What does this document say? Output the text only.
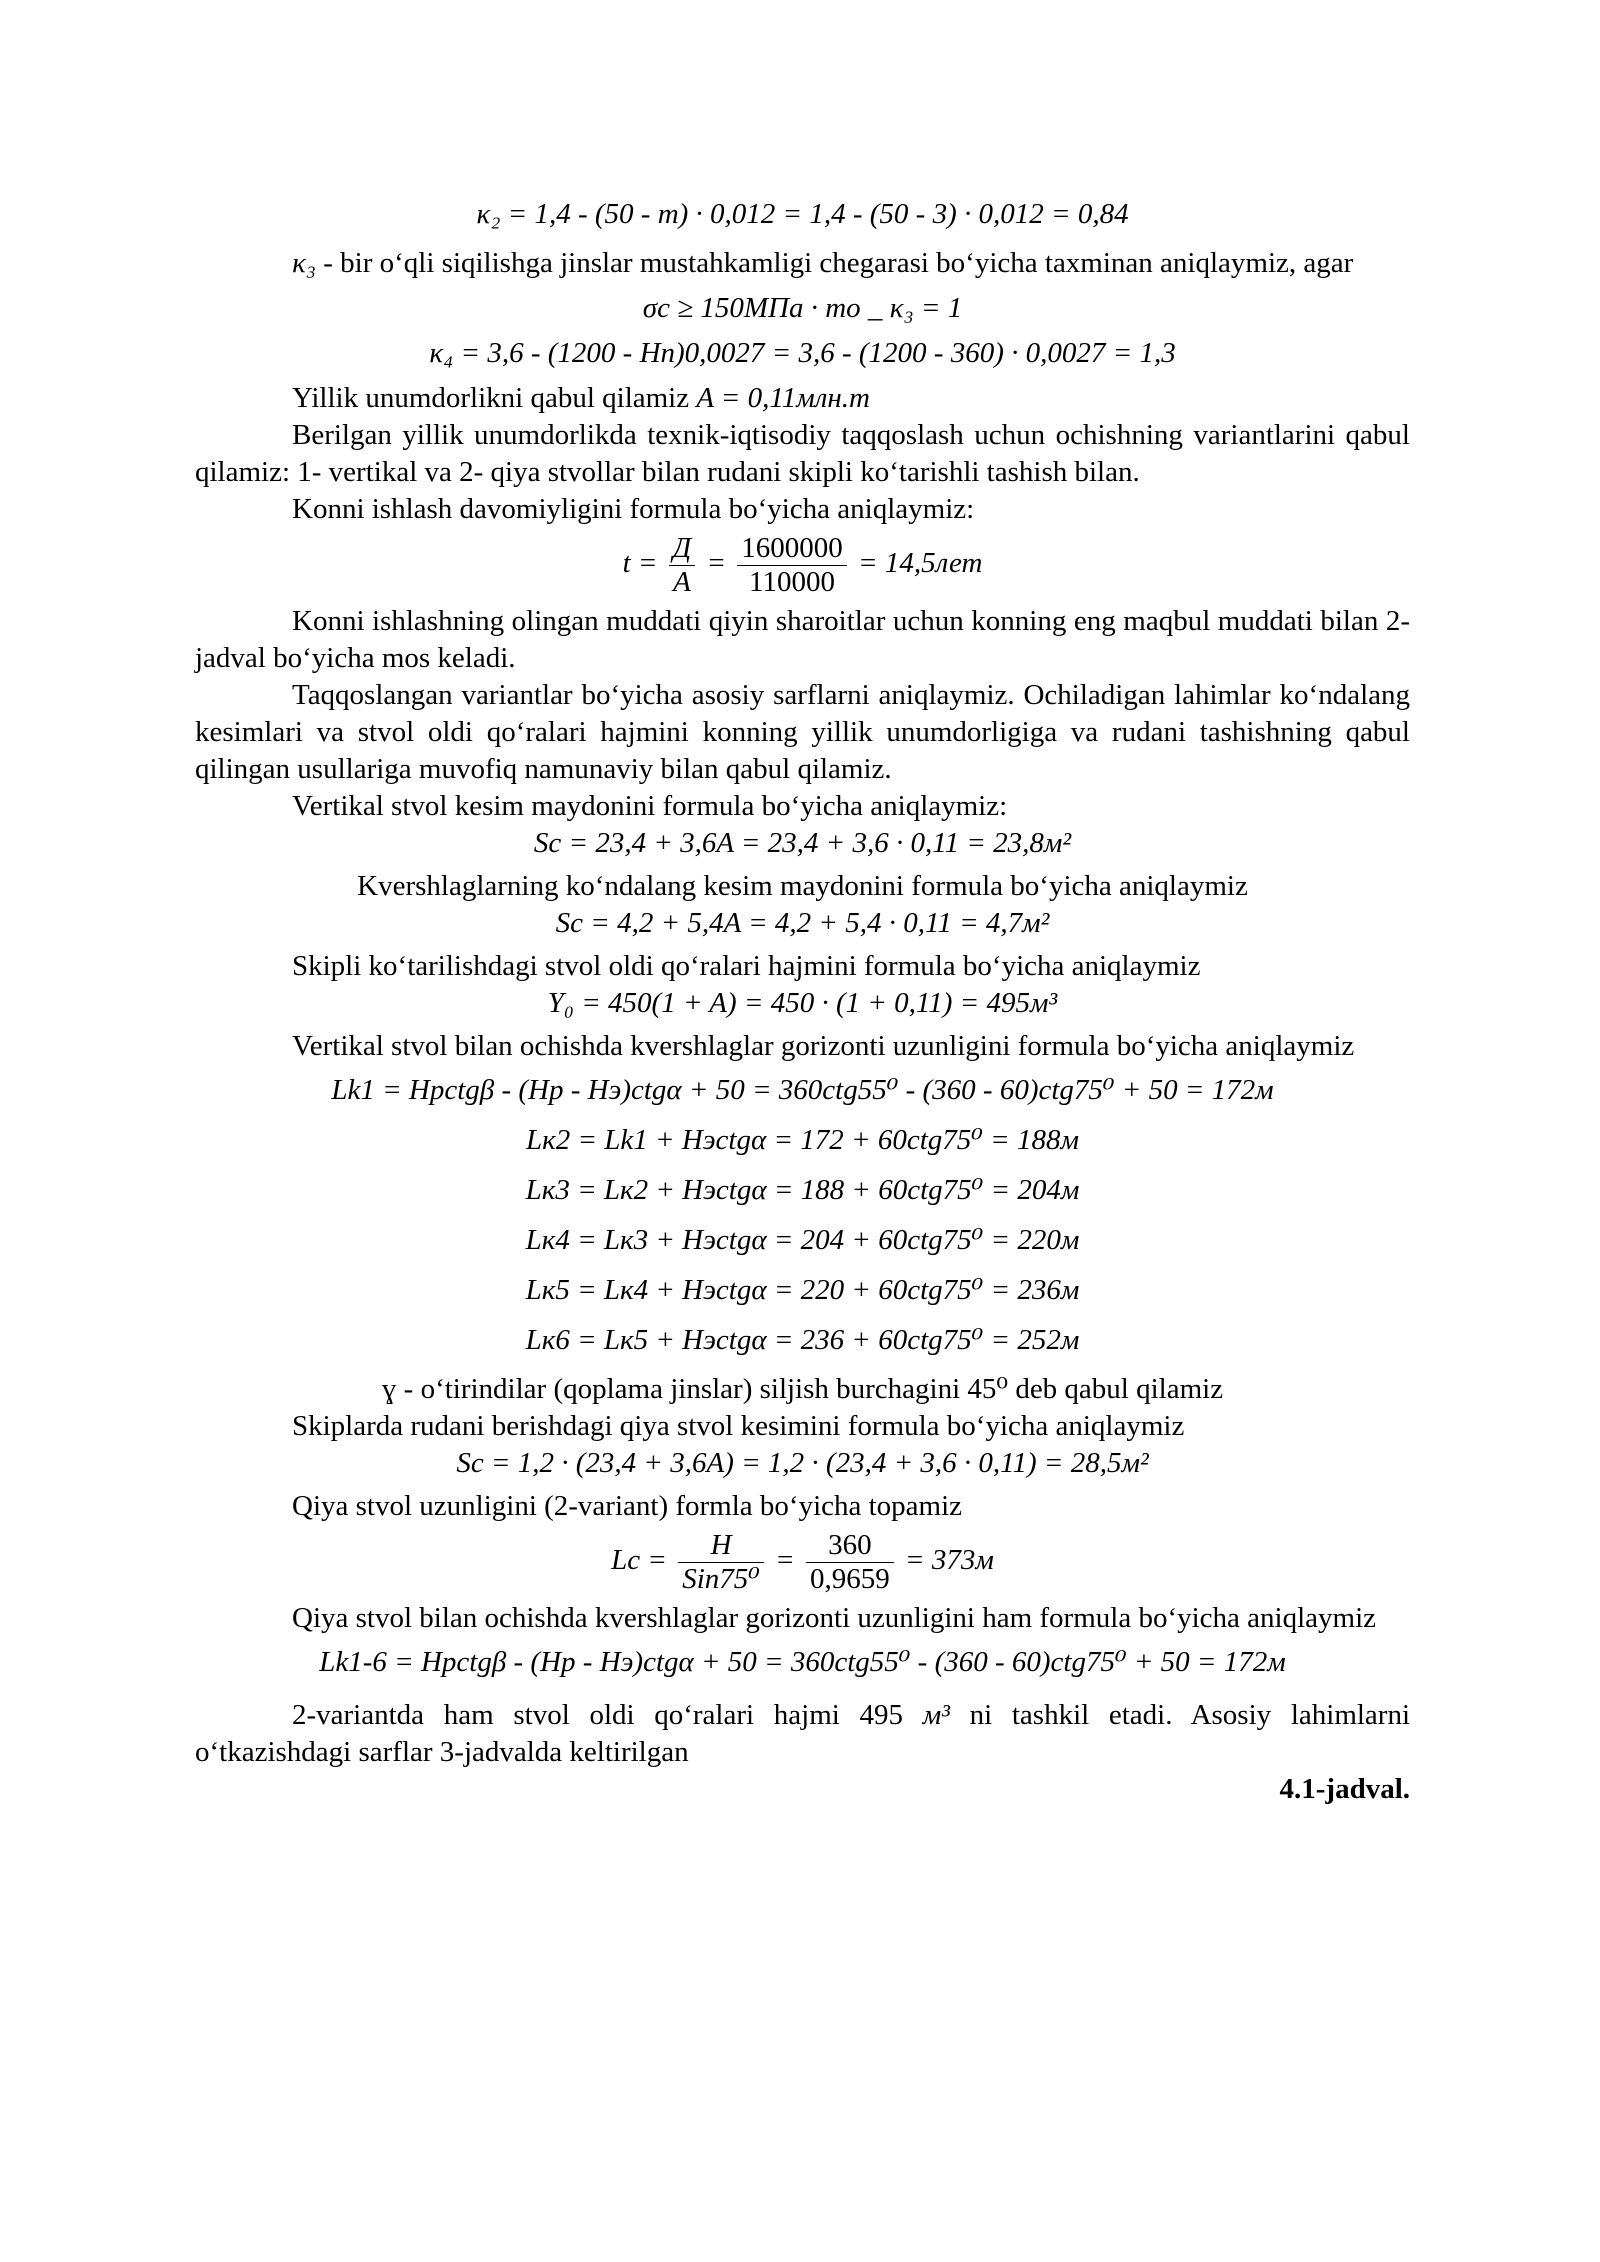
κ₂ = 1,4 - (50 - m) · 0,012 = 1,4 - (50 - 3) · 0,012 = 0,84

κ₃ - bir o‘qli siqilishga jinslar mustahkamligi chegarasi bo‘yicha taxminan aniqlaymiz, agar

σc ≥ 150МПа · то _ κ₃ = 1

κ₄ = 3,6 - (1200 - Hп)0,0027 = 3,6 - (1200 - 360) · 0,0027 = 1,3

Yillik unumdorlikni qabul qilamiz A = 0,11млн.т

Berilgan yillik unumdorlikda texnik-iqtisodiy taqqoslash uchun ochishning variantlarini qabul qilamiz: 1- vertikal va 2- qiya stvollar bilan rudani skipli ko‘tarishli tashish bilan.

Konni ishlash davomiyligini formula bo‘yicha aniqlaymiz:

$t = \frac{Д}{A} = \frac{1600000}{110000} = 14,5лет$

Konni ishlashning olingan muddati qiyin sharoitlar uchun konning eng maqbul muddati bilan 2-jadval bo‘yicha mos keladi.

Taqqoslangan variantlar bo‘yicha asosiy sarflarni aniqlaymiz. Ochiladigan lahimlar ko‘ndalang kesimlari va stvol oldi qo‘ralari hajmini konning yillik unumdorligiga va rudani tashishning qabul qilingan usullariga muvofiq namunaviy bilan qabul qilamiz.

Vertikal stvol kesim maydonini formula bo‘yicha aniqlaymiz:

Sc = 23,4 + 3,6A = 23,4 + 3,6 · 0,11 = 23,8м²

Kvershlaglarning ko‘ndalang kesim maydonini formula bo‘yicha aniqlaymiz

Sc = 4,2 + 5,4A = 4,2 + 5,4 · 0,11 = 4,7м²

Skipli ko‘tarilishdagi stvol oldi qo‘ralari hajmini formula bo‘yicha aniqlaymiz

Y₀ = 450(1 + A) = 450 · (1 + 0,11) = 495м³

Vertikal stvol bilan ochishda kvershlaglar gorizonti uzunligini formula bo‘yicha aniqlaymiz

Lk1 = Hpctgβ - (Hp - Hэ)ctgα + 50 = 360ctg55⁰ - (360 - 60)ctg75⁰ + 50 = 172м

Lк2 = Lk1 + Hэctgα = 172 + 60ctg75⁰ = 188м

Lк3 = Lк2 + Hэctgα = 188 + 60ctg75⁰ = 204м

Lк4 = Lк3 + Hэctgα = 204 + 60ctg75⁰ = 220м

Lк5 = Lк4 + Hэctgα = 220 + 60ctg75⁰ = 236м

Lк6 = Lк5 + Hэctgα = 236 + 60ctg75⁰ = 252м

ɣ - o‘tirindilar (qoplama jinslar) siljish burchagini 45⁰ deb qabul qilamiz

Skiplarda rudani berishdagi qiya stvol kesimini formula bo‘yicha aniqlaymiz

Sc = 1,2 · (23,4 + 3,6A) = 1,2 · (23,4 + 3,6 · 0,11) = 28,5м²

Qiya stvol uzunligini (2-variant) formla bo‘yicha topamiz

$Lc = \frac{H}{\text{Sin75⁰}} = \frac{360}{0,9659} = 373м$

Qiya stvol bilan ochishda kvershlaglar gorizonti uzunligini ham formula bo‘yicha aniqlaymiz

Lk1-6 = Hpctgβ - (Hp - Hэ)ctgα + 50 = 360ctg55⁰ - (360 - 60)ctg75⁰ + 50 = 172м

2-variantda ham stvol oldi qo‘ralari hajmi 495 м³ ni tashkil etadi. Asosiy lahimlarni o‘tkazishdagi sarflar 3-jadvalda keltirilgan

4.1-jadval.
